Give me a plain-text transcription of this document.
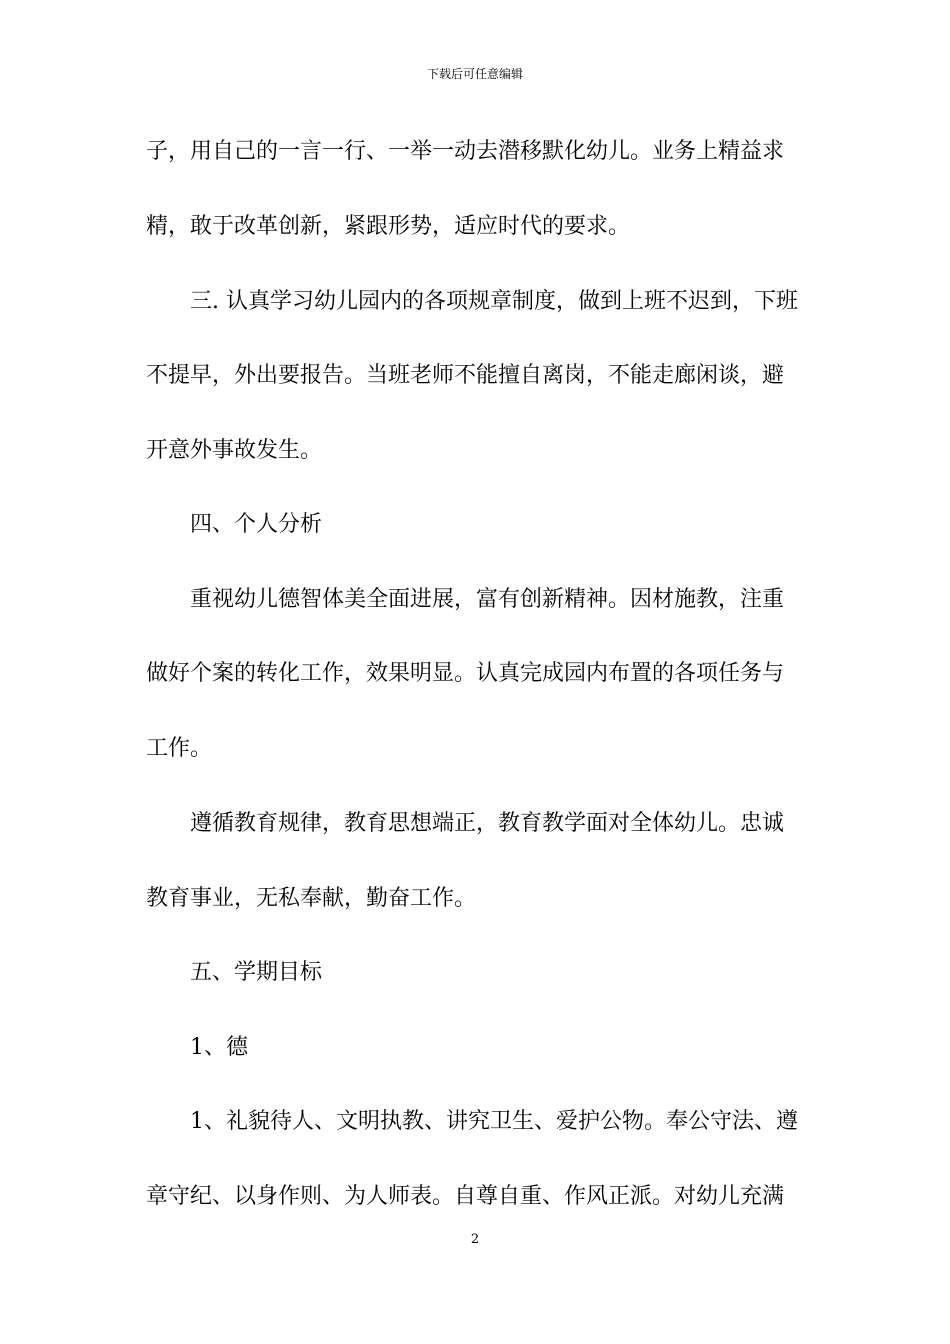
下载后可任意编辑
子，用自己的一言一行、一举一动去潜移默化幼儿。业务上精益求
精，敢于改革创新，紧跟形势，适应时代的要求。
三. 认真学习幼儿园内的各项规章制度，做到上班不迟到，下班
不提早，外出要报告。当班老师不能擅自离岗，不能走廊闲谈，避
开意外事故发生。
四、个人分析
重视幼儿德智体美全面进展，富有创新精神。因材施教，注重
做好个案的转化工作，效果明显。认真完成园内布置的各项任务与
工作。
遵循教育规律，教育思想端正，教育教学面对全体幼儿。忠诚
教育事业，无私奉献，勤奋工作。
五、学期目标
1、德
1、礼貌待人、文明执教、讲究卫生、爱护公物。奉公守法、遵
章守纪、以身作则、为人师表。自尊自重、作风正派。对幼儿充满
2
